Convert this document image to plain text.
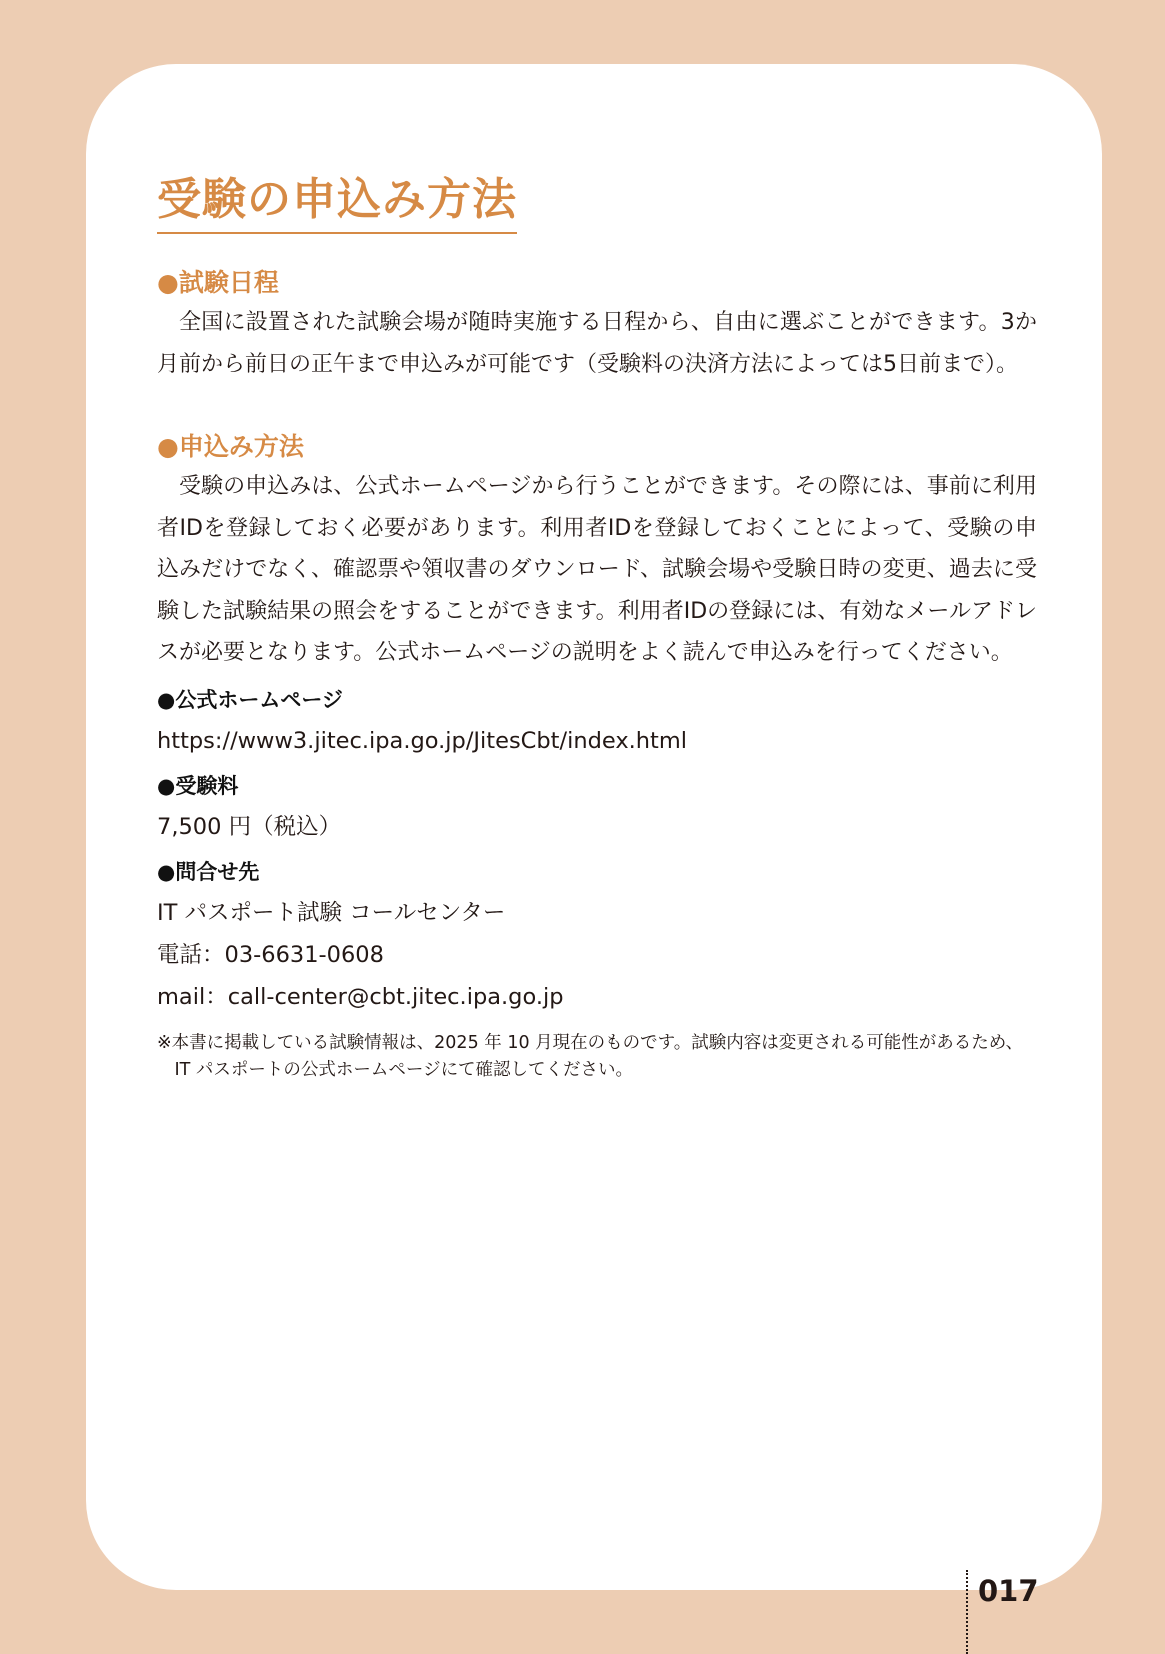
受験の申込み方法
●試験日程

全国に設置された試験会場が随時実施する日程から、自由に選ぶことができます。3か月前から前日の正午まで申込みが可能です（受験料の決済方法によっては5日前まで）。

●申込み方法

受験の申込みは、公式ホームページから行うことができます。その際には、事前に利用者IDを登録しておく必要があります。利用者IDを登録しておくことによって、受験の申込みだけでなく、確認票や領収書のダウンロード、試験会場や受験日時の変更、過去に受験した試験結果の照会をすることができます。利用者IDの登録には、有効なメールアドレスが必要となります。公式ホームページの説明をよく読んで申込みを行ってください。

●公式ホームページ
https://www3.jitec.ipa.go.jp/JitesCbt/index.html
●受験料
7,500 円（税込）
●問合せ先
IT パスポート試験 コールセンター
電話：03-6631-0608
mail：call-center@cbt.jitec.ipa.go.jp

※本書に掲載している試験情報は、2025 年 10 月現在のものです。試験内容は変更される可能性があるため、IT パスポートの公式ホームページにて確認してください。

017
